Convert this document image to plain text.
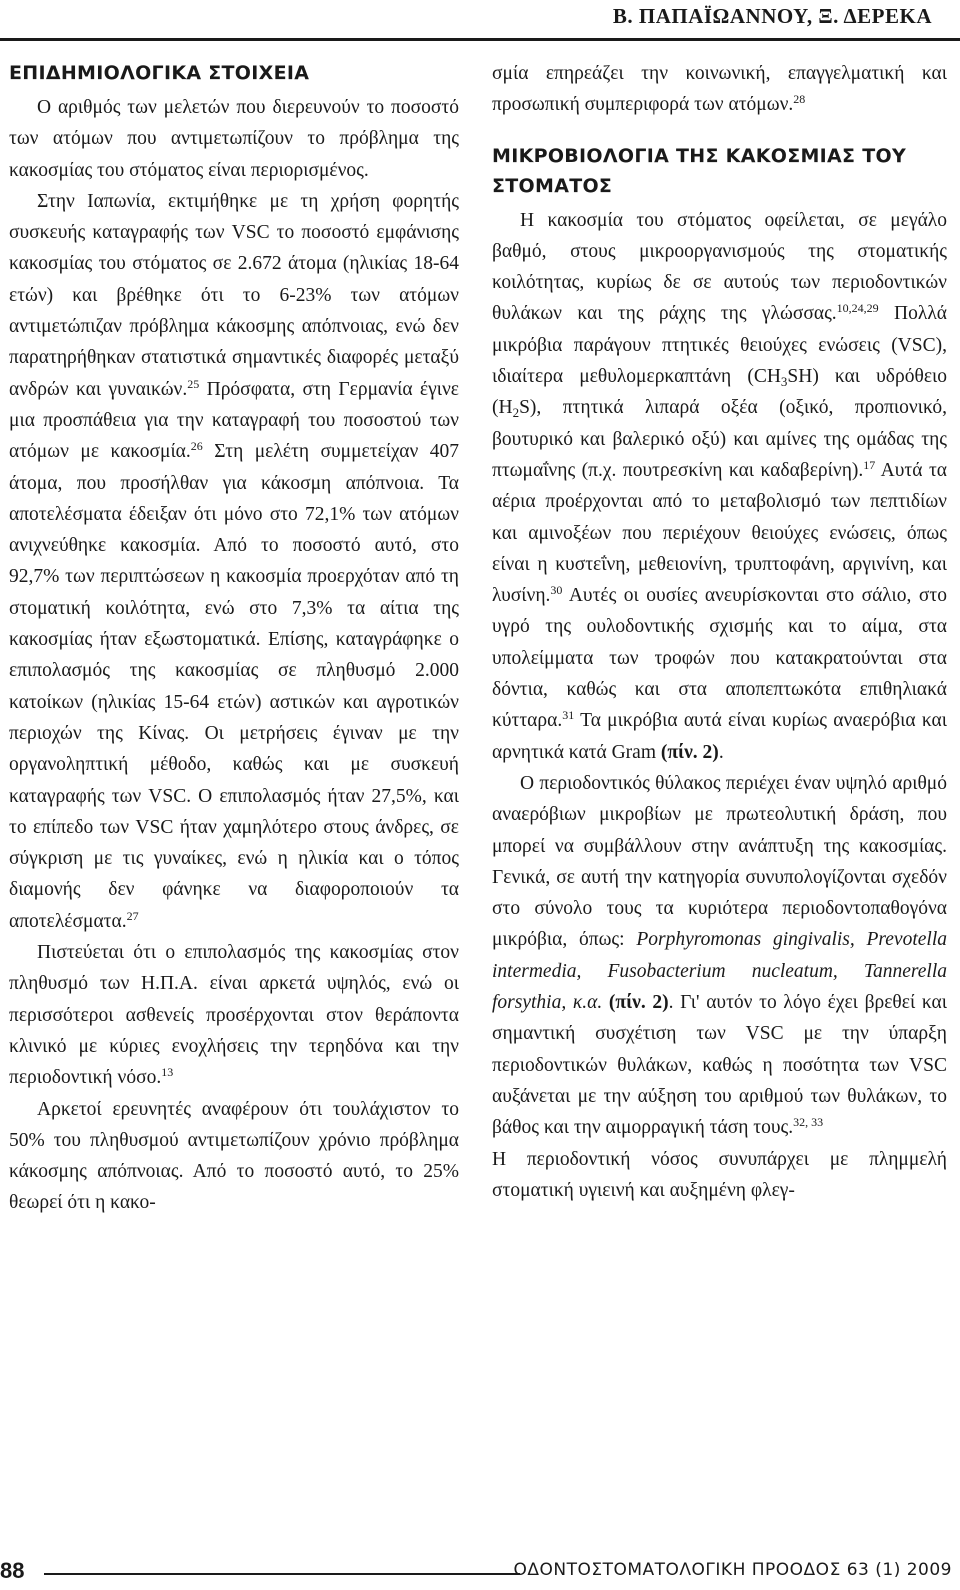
Β. ΠΑΠΑΪΩΑΝΝΟΥ, Ξ. ΔΕΡΕΚΑ
ΕΠΙΔΗΜΙΟΛΟΓΙΚΑ ΣΤΟΙΧΕΙΑ

Ο αριθμός των μελετών που διερευνούν το ποσοστό των ατόμων που αντιμετωπίζουν το πρόβλημα της κακοσμίας του στόματος είναι περιορισμένος.

Στην Ιαπωνία, εκτιμήθηκε με τη χρήση φορητής συσκευής καταγραφής των VSC το ποσοστό εμφάνισης κακοσμίας του στόματος σε 2.672 άτομα (ηλικίας 18-64 ετών) και βρέθηκε ότι το 6-23% των ατόμων αντιμετώπιζαν πρόβλημα κάκοσμης απόπνοιας, ενώ δεν παρατηρήθηκαν στατιστικά σημαντικές διαφορές μεταξύ ανδρών και γυναικών.$^{25}$ Πρόσφατα, στη Γερμανία έγινε μια προσπάθεια για την καταγραφή του ποσοστού των ατόμων με κακοσμία.$^{26}$ Στη μελέτη συμμετείχαν 407 άτομα, που προσήλθαν για κάκοσμη απόπνοια. Τα αποτελέσματα έδειξαν ότι μόνο στο 72,1% των ατόμων ανιχνεύθηκε κακοσμία. Από το ποσοστό αυτό, στο 92,7% των περιπτώσεων η κακοσμία προερχόταν από τη στοματική κοιλότητα, ενώ στο 7,3% τα αίτια της κακοσμίας ήταν εξωστοματικά. Επίσης, καταγράφηκε ο επιπολασμός της κακοσμίας σε πληθυσμό 2.000 κατοίκων (ηλικίας 15-64 ετών) αστικών και αγροτικών περιοχών της Κίνας. Οι μετρήσεις έγιναν με την οργανοληπτική μέθοδο, καθώς και με συσκευή καταγραφής των VSC. Ο επιπολασμός ήταν 27,5%, και το επίπεδο των VSC ήταν χαμηλότερο στους άνδρες, σε σύγκριση με τις γυναίκες, ενώ η ηλικία και ο τόπος διαμονής δεν φάνηκε να διαφοροποιούν τα αποτελέσματα.$^{27}$

Πιστεύεται ότι ο επιπολασμός της κακοσμίας στον πληθυσμό των Η.Π.Α. είναι αρκετά υψηλός, ενώ οι περισσότεροι ασθενείς προσέρχονται στον θεράποντα κλινικό με κύριες ενοχλήσεις την τερηδόνα και την περιοδοντική νόσο.$^{13}$

Αρκετοί ερευνητές αναφέρουν ότι τουλάχιστον το 50% του πληθυσμού αντιμετωπίζουν χρόνιο πρόβλημα κάκοσμης απόπνοιας. Από το ποσοστό αυτό, το 25% θεωρεί ότι η κακο-

σμία επηρεάζει την κοινωνική, επαγγελματική και προσωπική συμπεριφορά των ατόμων.$^{28}$

ΜΙΚΡΟΒΙΟΛΟΓΙΑ ΤΗΣ ΚΑΚΟΣΜΙΑΣ ΤΟΥ ΣΤΟΜΑΤΟΣ

Η κακοσμία του στόματος οφείλεται, σε μεγάλο βαθμό, στους μικροοργανισμούς της στοματικής κοιλότητας, κυρίως δε σε αυτούς των περιοδοντικών θυλάκων και της ράχης της γλώσσας.$^{10,24,29}$ Πολλά μικρόβια παράγουν πτητικές θειούχες ενώσεις (VSC), ιδιαίτερα μεθυλομερκαπτάνη $(CH_3SH)$ και υδρόθειο $(H_2S)$, πτητικά λιπαρά οξέα (οξικό, προπιονικό, βουτυρικό και βαλερικό οξύ) και αμίνες της ομάδας της πτωμαΐνης (π.χ. πουτρεσκίνη και καδαβερίνη).$^{17}$ Αυτά τα αέρια προέρχονται από το μεταβολισμό των πεπτιδίων και αμινοξέων που περιέχουν θειούχες ενώσεις, όπως είναι η κυστεΐνη, μεθειονίνη, τρυπτοφάνη, αργινίνη, και λυσίνη.$^{30}$ Αυτές οι ουσίες ανευρίσκονται στο σάλιο, στο υγρό της ουλοδοντικής σχισμής και το αίμα, στα υπολείμματα των τροφών που κατακρατούνται στα δόντια, καθώς και στα αποπεπτωκότα επιθηλιακά κύτταρα.$^{31}$ Τα μικρόβια αυτά είναι κυρίως αναερόβια και αρνητικά κατά Gram (πίν. 2).

Ο περιοδοντικός θύλακος περιέχει έναν υψηλό αριθμό αναερόβιων μικροβίων με πρωτεολυτική δράση, που μπορεί να συμβάλλουν στην ανάπτυξη της κακοσμίας. Γενικά, σε αυτή την κατηγορία συνυπολογίζονται σχεδόν στο σύνολο τους τα κυριότερα περιοδοντοπαθογόνα μικρόβια, όπως: Porphyromonas gingivalis, Prevotella intermedia, Fusobacterium nucleatum, Tannerella forsythia, κ.α. (πίν. 2). Γι' αυτόν το λόγο έχει βρεθεί και σημαντική συσχέτιση των VSC με την ύπαρξη περιοδοντικών θυλάκων, καθώς η ποσότητα των VSC αυξάνεται με την αύξηση του αριθμού των θυλάκων, το βάθος και την αιμορραγική τάση τους.$^{32, 33}$

Η περιοδοντική νόσος συνυπάρχει με πλημμελή στοματική υγιεινή και αυξημένη φλεγ-

88	ΟΔΟΝΤΟΣΤΟΜΑΤΟΛΟΓΙΚΗ ΠΡΟΟΔΟΣ 63 (1) 2009
